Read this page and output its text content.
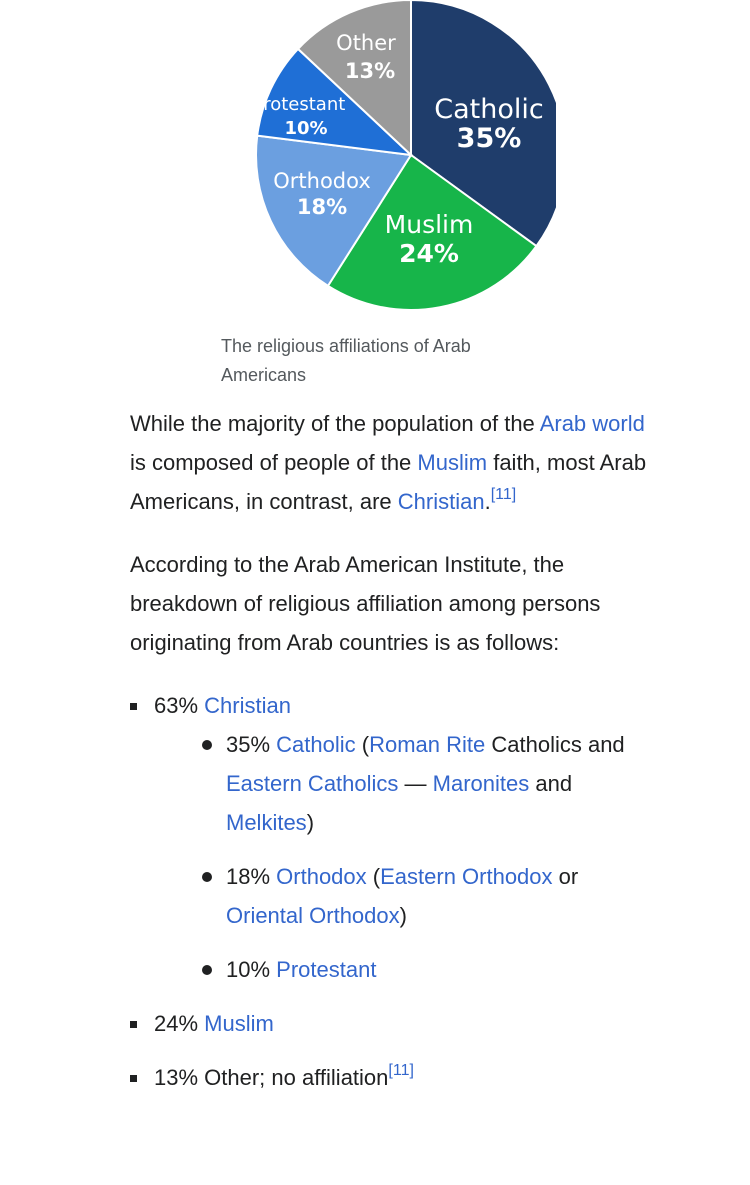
Catholic
35%
Muslim
24%
Orthodox
18%
Protestant
10%
Other
13%
The religious affiliations of Arab Americans

While the majority of the population of the Arab world is composed of people of the Muslim faith, most Arab Americans, in contrast, are Christian.[11]

According to the Arab American Institute, the breakdown of religious affiliation among persons originating from Arab countries is as follows:

63% Christian
35% Catholic (Roman Rite Catholics and Eastern Catholics — Maronites and Melkites)
18% Orthodox (Eastern Orthodox or Oriental Orthodox)
10% Protestant
24% Muslim
13% Other; no affiliation[11]
